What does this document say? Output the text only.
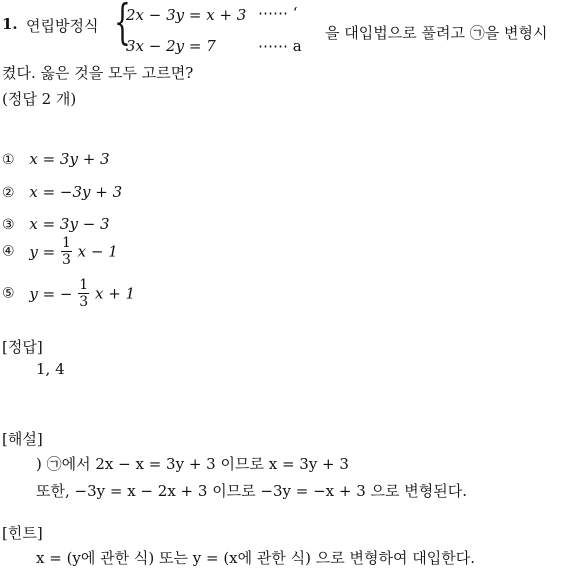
1. 연립방정식 {
2x − 3y = x + 3 ⋯⋯ ‘
3x − 2y = 7	⋯⋯ a
을 대입법으로 풀려고 ㉠을 변형시
켰다. 옳은 것을 모두 고르면?
(정답 2 개)
① x = 3y + 3
② x = −3y + 3
③ x = 3y − 3
④ $y = \frac{1}{3}$ x − 1
⑤ y = − $\frac{1}{3}$ x + 1
[정답]
1, 4
[해설]
) ㉠에서 2x − x = 3y + 3 이므로 x = 3y + 3
또한, −3y = x − 2x + 3 이므로 −3y = −x + 3 으로 변형된다.
[힌트]
x = (y에 관한 식) 또는 y = (x에 관한 식) 으로 변형하여 대입한다.
